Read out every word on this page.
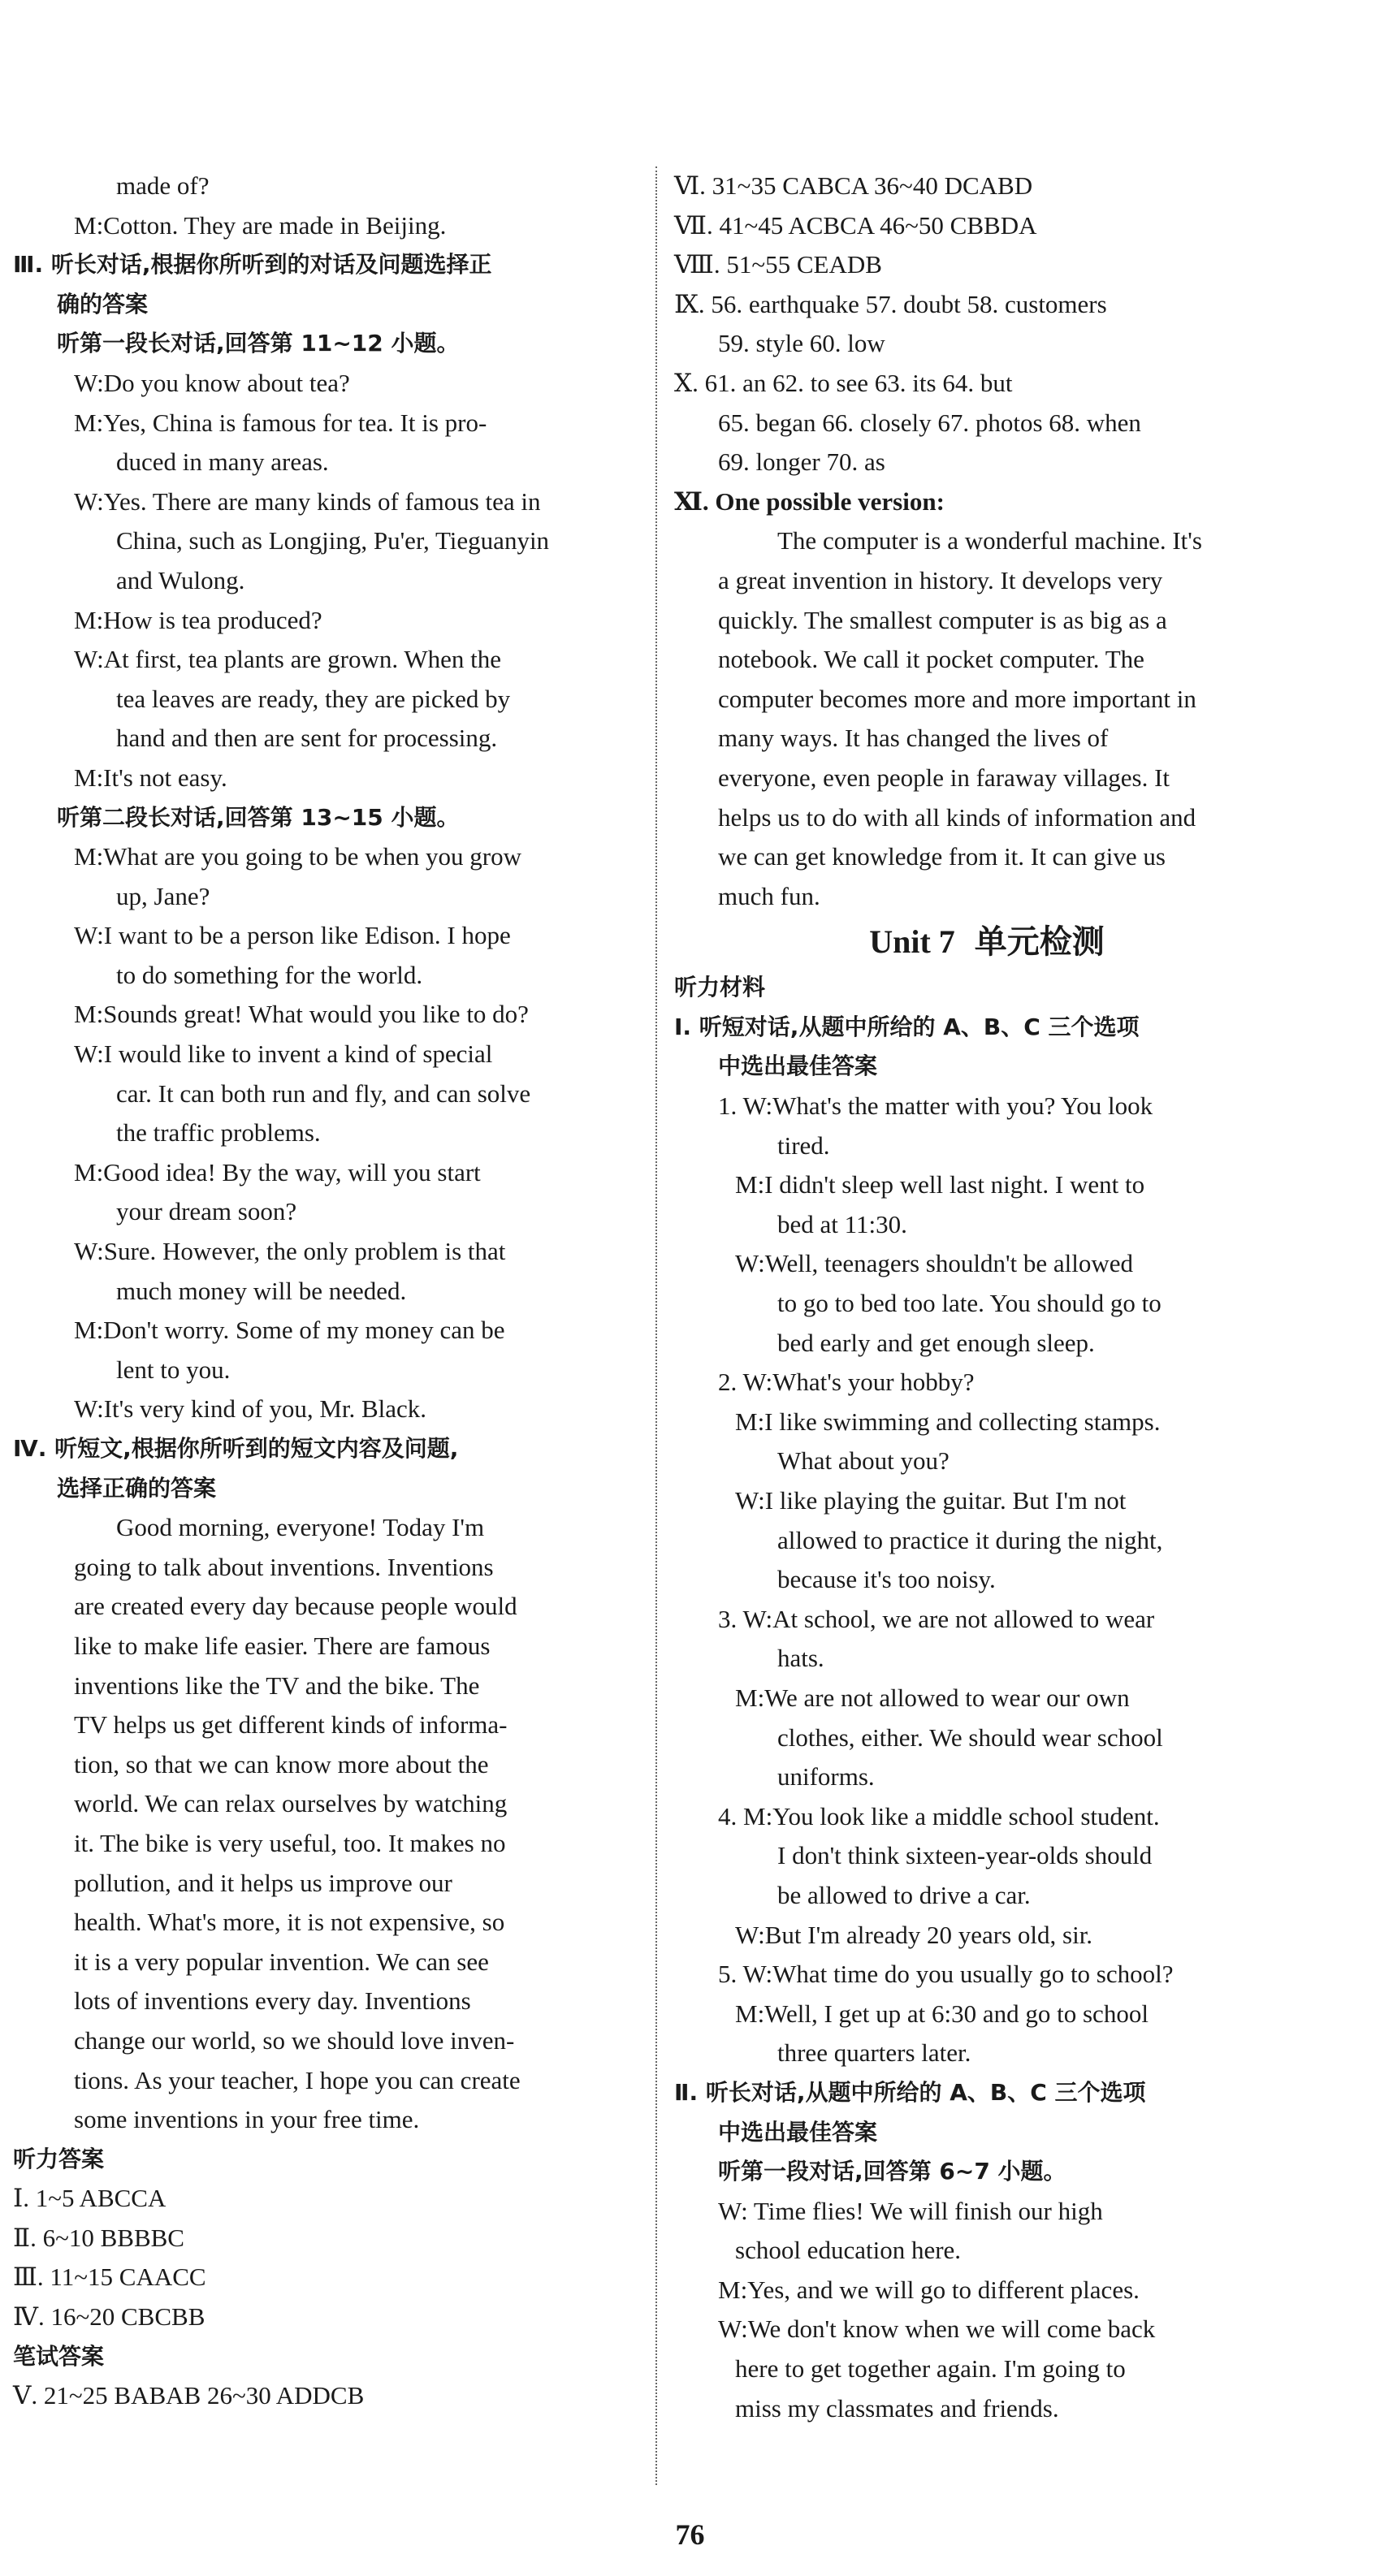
made of?
M:Cotton. They are made in Beijing.
Ⅲ. 听长对话,根据你所听到的对话及问题选择正
确的答案
听第一段长对话,回答第 11~12 小题。
W:Do you know about tea?
M:Yes, China is famous for tea. It is pro-
duced in many areas.
W:Yes. There are many kinds of famous tea in
China, such as Longjing, Pu'er, Tieguanyin
and Wulong.
M:How is tea produced?
W:At first, tea plants are grown. When the
tea leaves are ready, they are picked by
hand and then are sent for processing.
M:It's not easy.
听第二段长对话,回答第 13~15 小题。
M:What are you going to be when you grow
up, Jane?
W:I want to be a person like Edison. I hope
to do something for the world.
M:Sounds great! What would you like to do?
W:I would like to invent a kind of special
car. It can both run and fly, and can solve
the traffic problems.
M:Good idea! By the way, will you start
your dream soon?
W:Sure. However, the only problem is that
much money will be needed.
M:Don't worry. Some of my money can be
lent to you.
W:It's very kind of you, Mr. Black.
Ⅳ. 听短文,根据你所听到的短文内容及问题,
选择正确的答案
Good morning, everyone! Today I'm
going to talk about inventions. Inventions
are created every day because people would
like to make life easier. There are famous
inventions like the TV and the bike. The
TV helps us get different kinds of informa-
tion, so that we can know more about the
world. We can relax ourselves by watching
it. The bike is very useful, too. It makes no
pollution, and it helps us improve our
health. What's more, it is not expensive, so
it is a very popular invention. We can see
lots of inventions every day. Inventions
change our world, so we should love inven-
tions. As your teacher, I hope you can create
some inventions in your free time.
听力答案
Ⅰ. 1~5 ABCCA
Ⅱ. 6~10 BBBBC
Ⅲ. 11~15 CAACC
Ⅳ. 16~20 CBCBB
笔试答案
Ⅴ. 21~25 BABAB 26~30 ADDCB
Ⅵ. 31~35 CABCA 36~40 DCABD
Ⅶ. 41~45 ACBCA 46~50 CBBDA
Ⅷ. 51~55 CEADB
Ⅸ. 56. earthquake 57. doubt 58. customers
59. style 60. low
Ⅹ. 61. an 62. to see 63. its 64. but
65. began 66. closely 67. photos 68. when
69. longer 70. as
Ⅺ. One possible version:
The computer is a wonderful machine. It's
a great invention in history. It develops very
quickly. The smallest computer is as big as a
notebook. We call it pocket computer. The
computer becomes more and more important in
many ways. It has changed the lives of
everyone, even people in faraway villages. It
helps us to do with all kinds of information and
we can get knowledge from it. It can give us
much fun.
Unit 7 单元检测
听力材料
Ⅰ. 听短对话,从题中所给的 A、B、C 三个选项
中选出最佳答案
1. W:What's the matter with you? You look
tired.
M:I didn't sleep well last night. I went to
bed at 11:30.
W:Well, teenagers shouldn't be allowed
to go to bed too late. You should go to
bed early and get enough sleep.
2. W:What's your hobby?
M:I like swimming and collecting stamps.
What about you?
W:I like playing the guitar. But I'm not
allowed to practice it during the night,
because it's too noisy.
3. W:At school, we are not allowed to wear
hats.
M:We are not allowed to wear our own
clothes, either. We should wear school
uniforms.
4. M:You look like a middle school student.
I don't think sixteen-year-olds should
be allowed to drive a car.
W:But I'm already 20 years old, sir.
5. W:What time do you usually go to school?
M:Well, I get up at 6:30 and go to school
three quarters later.
Ⅱ. 听长对话,从题中所给的 A、B、C 三个选项
中选出最佳答案
听第一段对话,回答第 6~7 小题。
W: Time flies! We will finish our high
school education here.
M:Yes, and we will go to different places.
W:We don't know when we will come back
here to get together again. I'm going to
miss my classmates and friends.
76
